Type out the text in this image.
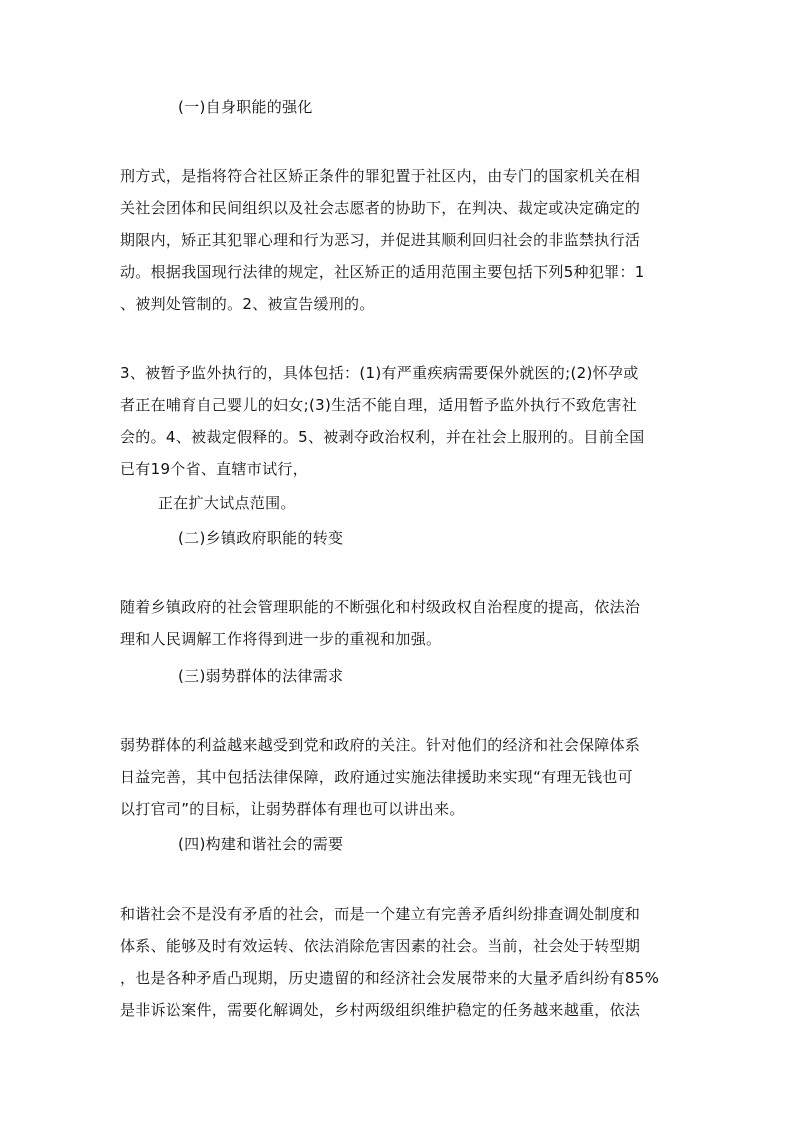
(一)自身职能的强化
刑方式，是指将符合社区矫正条件的罪犯置于社区内，由专门的国家机关在相
关社会团体和民间组织以及社会志愿者的协助下，在判决、裁定或决定确定的
期限内，矫正其犯罪心理和行为恶习，并促进其顺利回归社会的非监禁执行活
动。根据我国现行法律的规定，社区矫正的适用范围主要包括下列5种犯罪：1
、被判处管制的。2、被宣告缓刑的。
3、被暂予监外执行的，具体包括：(1)有严重疾病需要保外就医的;(2)怀孕或
者正在哺育自己婴儿的妇女;(3)生活不能自理，适用暂予监外执行不致危害社
会的。4、被裁定假释的。5、被剥夺政治权利，并在社会上服刑的。目前全国
已有19个省、直辖市试行，
正在扩大试点范围。
(二)乡镇政府职能的转变
随着乡镇政府的社会管理职能的不断强化和村级政权自治程度的提高，依法治
理和人民调解工作将得到进一步的重视和加强。
(三)弱势群体的法律需求
弱势群体的利益越来越受到党和政府的关注。针对他们的经济和社会保障体系
日益完善，其中包括法律保障，政府通过实施法律援助来实现“有理无钱也可
以打官司”的目标，让弱势群体有理也可以讲出来。
(四)构建和谐社会的需要
和谐社会不是没有矛盾的社会，而是一个建立有完善矛盾纠纷排查调处制度和
体系、能够及时有效运转、依法消除危害因素的社会。当前，社会处于转型期
，也是各种矛盾凸现期，历史遗留的和经济社会发展带来的大量矛盾纠纷有85%
是非诉讼案件，需要化解调处，乡村两级组织维护稳定的任务越来越重，依法
